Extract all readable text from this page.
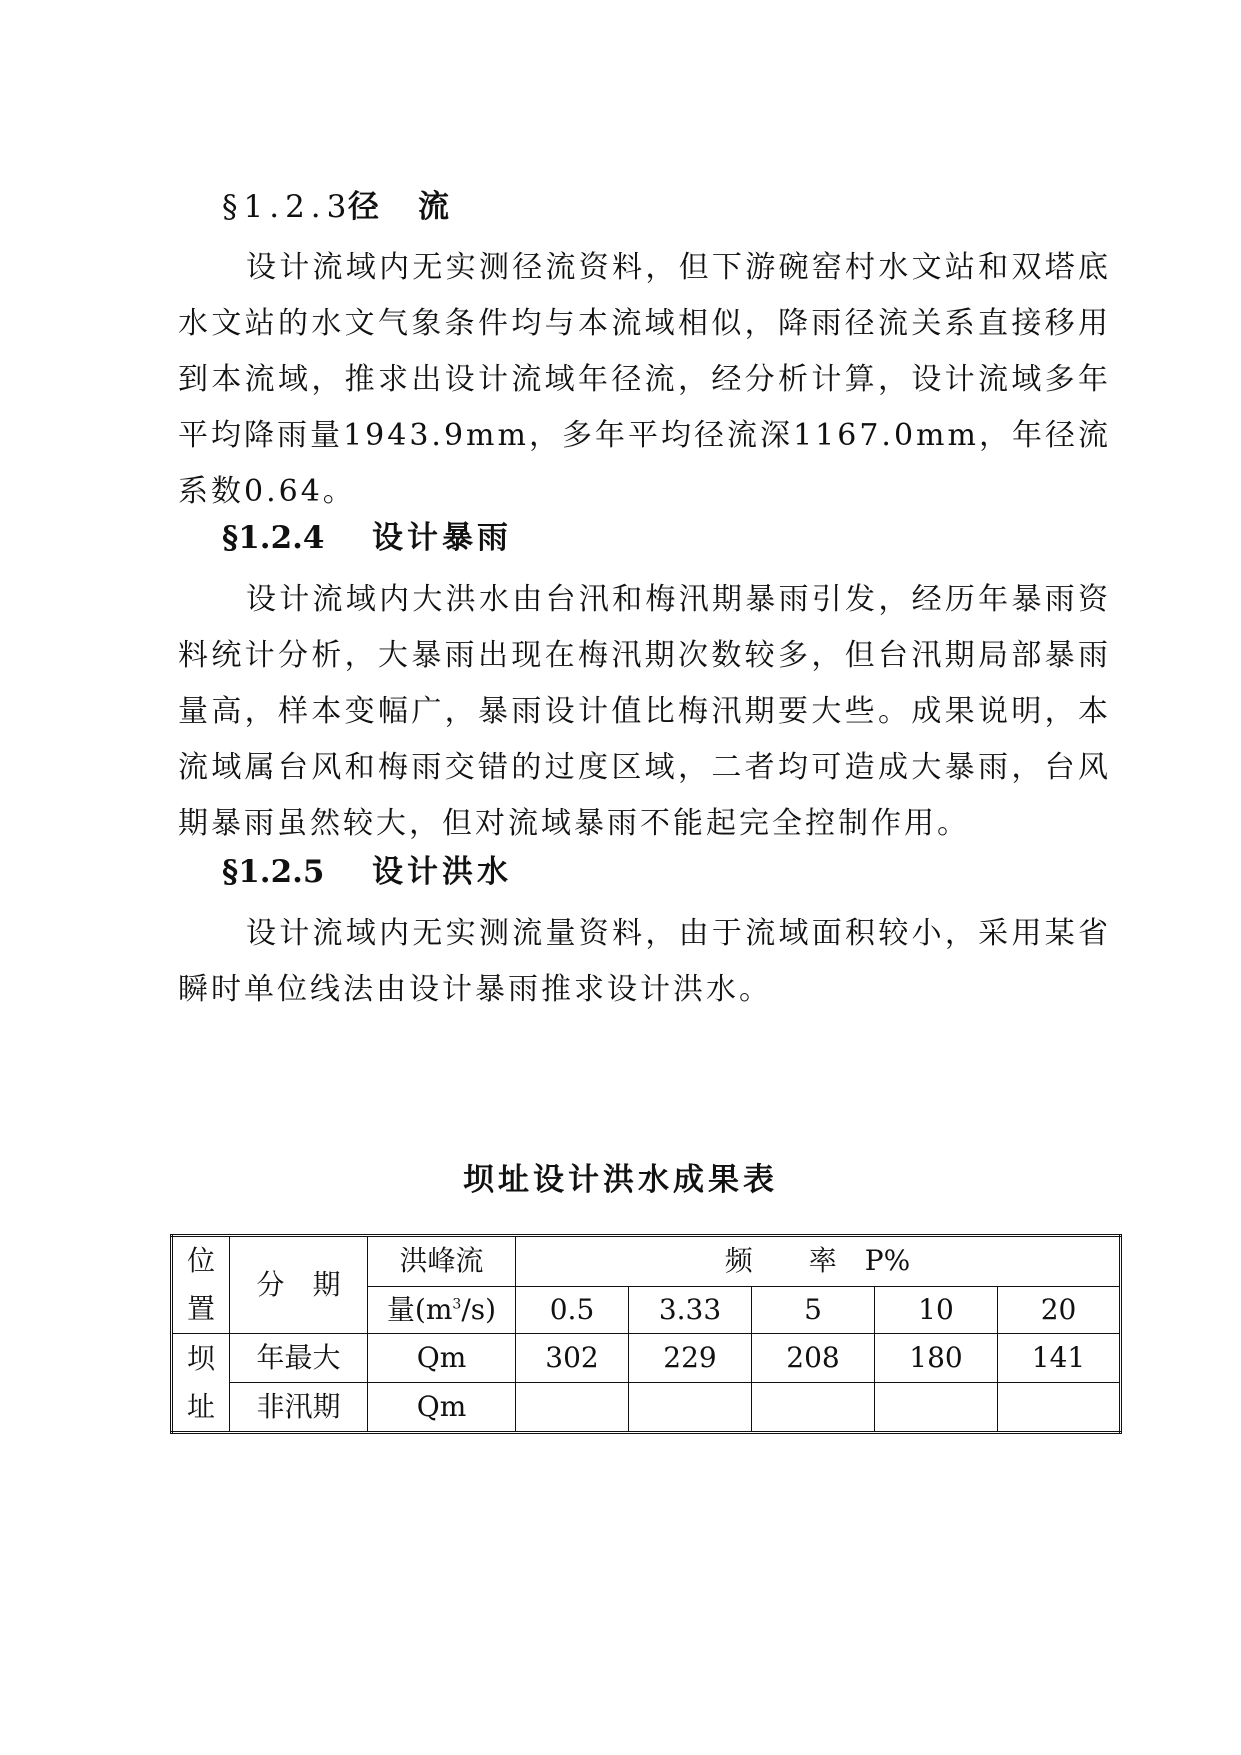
§1.2.3径　流

设计流域内无实测径流资料，但下游碗窑村水文站和双塔底水文站的水文气象条件均与本流域相似，降雨径流关系直接移用到本流域，推求出设计流域年径流，经分析计算，设计流域多年平均降雨量1943.9mm，多年平均径流深1167.0mm，年径流系数0.64。

§1.2.4 设计暴雨

设计流域内大洪水由台汛和梅汛期暴雨引发，经历年暴雨资料统计分析，大暴雨出现在梅汛期次数较多，但台汛期局部暴雨量高，样本变幅广，暴雨设计值比梅汛期要大些。成果说明，本流域属台风和梅雨交错的过度区域，二者均可造成大暴雨，台风期暴雨虽然较大，但对流域暴雨不能起完全控制作用。

§1.2.5 设计洪水

设计流域内无实测流量资料，由于流域面积较小，采用某省瞬时单位线法由设计暴雨推求设计洪水。

坝址设计洪水成果表
位置	分　期	洪峰流	频　　率　P%				
		量$(m^3/s)$	0.5	3.33	5	10	20
坝址	年最大	Qm	302	229	208	180	141
	非汛期	Qm					
